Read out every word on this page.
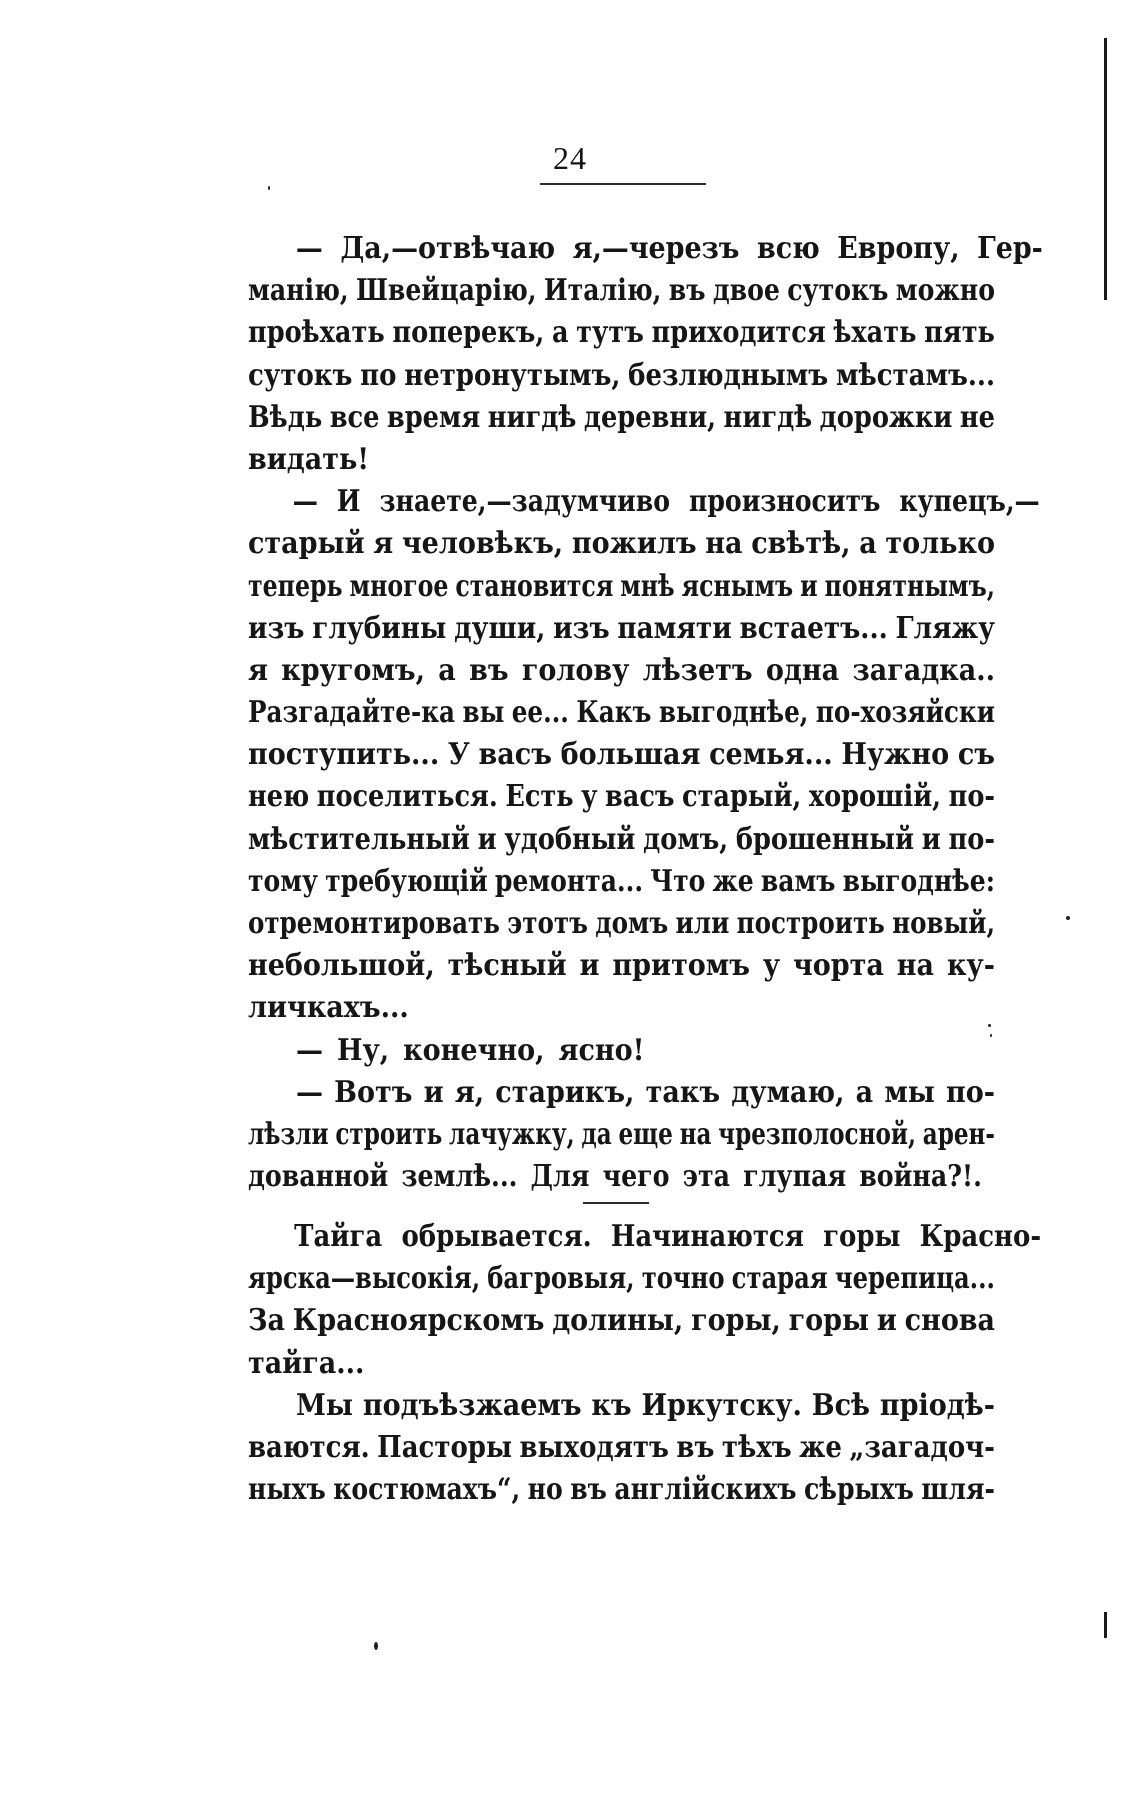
24
— Да,—отвѣчаю я,—черезъ всю Европу, Гер-
манію, Швейцарію, Италію, въ двое сутокъ можно
проѣхать поперекъ, а тутъ приходится ѣхать пять
сутокъ по нетронутымъ, безлюднымъ мѣстамъ...
Вѣдь все время нигдѣ деревни, нигдѣ дорожки не
видать!
— И знаете,—задумчиво произноситъ купецъ,—
старый я человѣкъ, пожилъ на свѣтѣ, а только
теперь многое становится мнѣ яснымъ и понятнымъ,
изъ глубины души, изъ памяти встаетъ... Гляжу
я кругомъ, а въ голову лѣзетъ одна загадка..
Разгадайте-ка вы ее... Какъ выгоднѣе, по-хозяйски
поступить... У васъ большая семья... Нужно съ
нею поселиться. Есть у васъ старый, хорошій, по-
мѣстительный и удобный домъ, брошенный и по-
тому требующій ремонта... Что же вамъ выгоднѣе:
отремонтировать этотъ домъ или построить новый,
небольшой, тѣсный и притомъ у чорта на ку-
личкахъ...
— Ну, конечно, ясно!
— Вотъ и я, старикъ, такъ думаю, а мы по-
лѣзли строить лачужку, да еще на чрезполосной, арен-
дованной землѣ... Для чего эта глупая война?!.
Тайга обрывается. Начинаются горы Красно-
ярска—высокія, багровыя, точно старая черепица...
За Красноярскомъ долины, горы, горы и снова
тайга...
Мы подъѣзжаемъ къ Иркутску. Всѣ пріодѣ-
ваются. Пасторы выходятъ въ тѣхъ же „загадоч-
ныхъ костюмахъ“, но въ англійскихъ сѣрыхъ шля-
